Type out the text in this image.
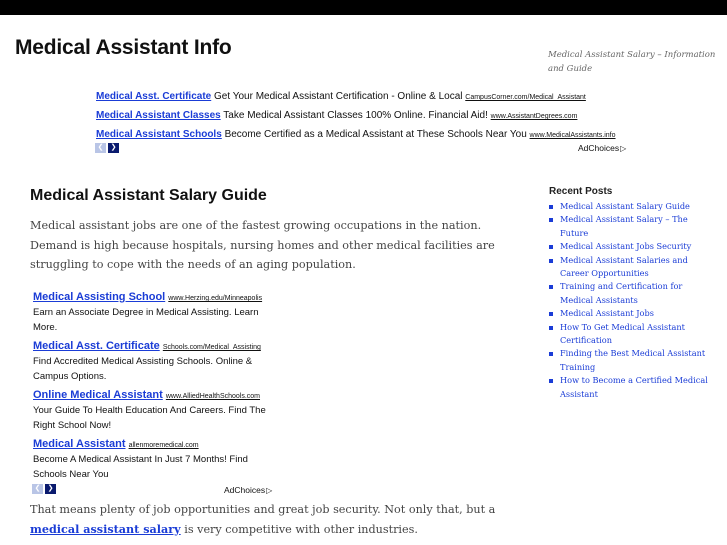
Medical Assistant Info	Medical Assistant Salary – Information and Guide
Medical Asst. Certificate Get Your Medical Assistant Certification - Online & Local CampusCorner.com/Medical_Assistant
Medical Assistant Classes Take Medical Assistant Classes 100% Online. Financial Aid! www.AssistantDegrees.com
Medical Assistant Schools Become Certified as a Medical Assistant at These Schools Near You www.MedicalAssistants.info
❮	❯	AdChoices▷
Medical Assistant Salary Guide
Medical assistant jobs are one of the fastest growing occupations in the nation. Demand is high because hospitals, nursing homes and other medical facilities are struggling to cope with the needs of an aging population.
Medical Assisting School www.Herzing.edu/Minneapolis
Earn an Associate Degree in Medical Assisting. Learn More.
Medical Asst. Certificate Schools.com/Medical_Assisting
Find Accredited Medical Assisting Schools. Online & Campus Options.
Online Medical Assistant www.AlliedHealthSchools.com
Your Guide To Health Education And Careers. Find The Right School Now!
Medical Assistant allenmoremedical.com
Become A Medical Assistant In Just 7 Months! Find Schools Near You
❮	❯	AdChoices▷
That means plenty of job opportunities and great job security. Not only that, but a medical assistant salary is very competitive with other industries.
Recent Posts
Medical Assistant Salary Guide
Medical Assistant Salary – The Future
Medical Assistant Jobs Security
Medical Assistant Salaries and Career Opportunities
Training and Certification for Medical Assistants
Medical Assistant Jobs
How To Get Medical Assistant Certification
Finding the Best Medical Assistant Training
How to Become a Certified Medical Assistant
